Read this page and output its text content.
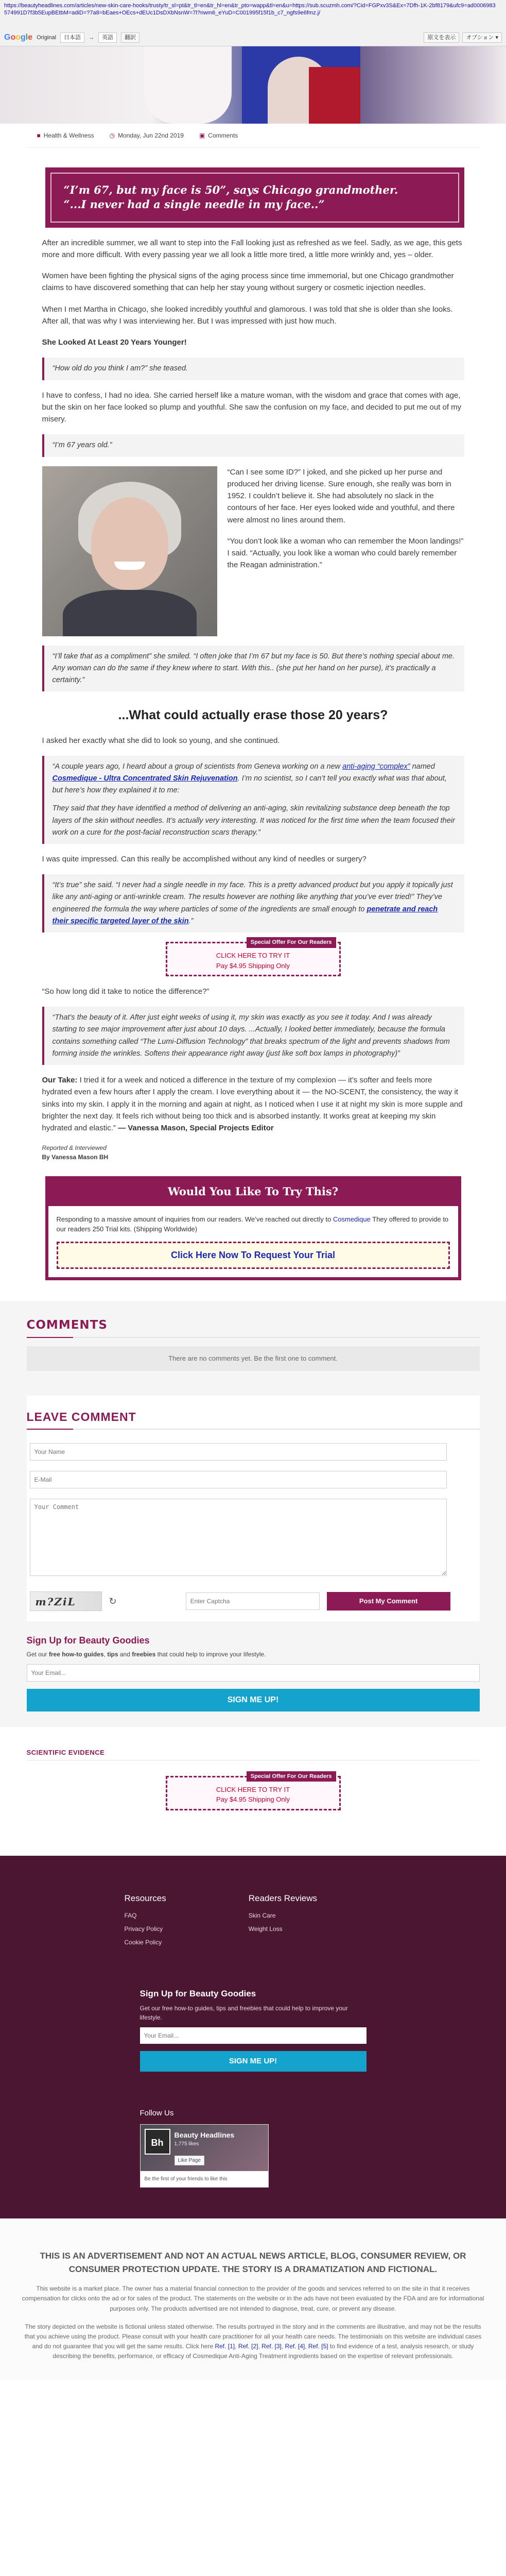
https://beautyheadlines.com/articles/new-skin-care-hooks/trusty/tr_sl=pt&tr_tl=en&tr_hl=en&tr_pto=wapp&tl=en&u=https://sub.scuzmh.com/?Cid=FGPxv3S&Ex=7Dfh-1K-2bf8179&ufc9=ad0006983574991D7f3b5EupBEtbM=adiD=?7a8=bEaes+OEcs+dEUc1DsDXbNsnW=7l?nwm6_eYuD=C001995f15f1b_c7_ngfs9e6fmz.j/
Google Original	日本語	→	英語	翻訳	原文を表示	オプション ▾
■ Health & Wellness	◷ Monday, Jun 22nd 2019	▣ Comments
“I’m 67, but my face is 50”, says Chicago grandmother.
“...I never had a single needle in my face..”

After an incredible summer, we all want to step into the Fall looking just as refreshed as we feel. Sadly, as we age, this gets more and more difficult. With every passing year we all look a little more tired, a little more wrinkly and, yes – older.

Women have been fighting the physical signs of the aging process since time immemorial, but one Chicago grandmother claims to have discovered something that can help her stay young without surgery or cosmetic injection needles.

When I met Martha in Chicago, she looked incredibly youthful and glamorous. I was told that she is older than she looks. After all, that was why I was interviewing her. But I was impressed with just how much.

She Looked At Least 20 Years Younger!

“How old do you think I am?” she teased.

I have to confess, I had no idea. She carried herself like a mature woman, with the wisdom and grace that comes with age, but the skin on her face looked so plump and youthful. She saw the confusion on my face, and decided to put me out of my misery.

“I’m 67 years old.”

“Can I see some ID?” I joked, and she picked up her purse and produced her driving license. Sure enough, she really was born in 1952. I couldn’t believe it. She had absolutely no slack in the contours of her face. Her eyes looked wide and youthful, and there were almost no lines around them.

“You don’t look like a woman who can remember the Moon landings!” I said. “Actually, you look like a woman who could barely remember the Reagan administration.”

“I’ll take that as a compliment” she smiled. “I often joke that I’m 67 but my face is 50. But there’s nothing special about me. Any woman can do the same if they knew where to start. With this.. (she put her hand on her purse), it’s practically a certainty.”
...What could actually erase those 20 years?

I asked her exactly what she did to look so young, and she continued.

“A couple years ago, I heard about a group of scientists from Geneva working on a new anti-aging “complex” named Cosmedique - Ultra Concentrated Skin Rejuvenation. I’m no scientist, so I can’t tell you exactly what was that about, but here’s how they explained it to me:
They said that they have identified a method of delivering an anti-aging, skin revitalizing substance deep beneath the top layers of the skin without needles. It’s actually very interesting. It was noticed for the first time when the team focused their work on a cure for the post-facial reconstruction scars therapy.”

I was quite impressed. Can this really be accomplished without any kind of needles or surgery?

“It’s true” she said. “I never had a single needle in my face. This is a pretty advanced product but you apply it topically just like any anti-aging or anti-wrinkle cream. The results however are nothing like anything that you’ve ever tried!” They’ve engineered the formula the way where particles of some of the ingredients are small enough to penetrate and reach their specific targeted layer of the skin.”
Special Offer For Our Readers
CLICK HERE TO TRY IT
Pay $4.95 Shipping Only

“So how long did it take to notice the difference?”

“That’s the beauty of it. After just eight weeks of using it, my skin was exactly as you see it today. And I was already starting to see major improvement after just about 10 days. ...Actually, I looked better immediately, because the formula contains something called “The Lumi-Diffusion Technology” that breaks spectrum of the light and prevents shadows from forming inside the wrinkles. Softens their appearance right away (just like soft box lamps in photography)”

Our Take: I tried it for a week and noticed a difference in the texture of my complexion — it’s softer and feels more hydrated even a few hours after I apply the cream. I love everything about it — the NO-SCENT, the consistency, the way it sinks into my skin. I apply it in the morning and again at night, as I noticed when I use it at night my skin is more supple and brighter the next day. It feels rich without being too thick and is absorbed instantly. It works great at keeping my skin hydrated and elastic.” — Vanessa Mason, Special Projects Editor

Reported & Interviewed
By Vanessa Mason BH
Would You Like To Try This?
Responding to a massive amount of inquiries from our readers. We’ve reached out directly to Cosmedique They offered to provide to our readers 250 Trial kits. (Shipping Worldwide)
Click Here Now To Request Your Trial
COMMENTS
There are no comments yet. Be the first one to comment.
LEAVE COMMENT
Your Name E-Mail Your Comment
m?ZiL	↻
Enter Captcha	Post My Comment
Sign Up for Beauty Goodies
Get our free how-to guides, tips and freebies that could help to improve your lifestyle.
Your Email...
SIGN ME UP!
SCIENTIFIC EVIDENCE
Special Offer For Our Readers
CLICK HERE TO TRY IT
Pay $4.95 Shipping Only
Resources
FAQ
Privacy Policy
Cookie Policy
Readers Reviews
Skin Care
Weight Loss
Sign Up for Beauty Goodies
Get our free how-to guides, tips and freebies that could help to improve your lifestyle.
Your Email...
SIGN ME UP!
Follow Us
Bh
Beauty Headlines
1,775 likes
Like Page
Be the first of your friends to like this
THIS IS AN ADVERTISEMENT AND NOT AN ACTUAL NEWS ARTICLE, BLOG, CONSUMER REVIEW, OR CONSUMER PROTECTION UPDATE. THE STORY IS A DRAMATIZATION AND FICTIONAL.
This website is a market place. The owner has a material financial connection to the provider of the goods and services referred to on the site in that it receives compensation for clicks onto the ad or for sales of the product. The statements on the website or in the ads have not been evaluated by the FDA and are for informational purposes only. The products advertised are not intended to diagnose, treat, cure, or prevent any disease.
The story depicted on the website is fictional unless stated otherwise. The results portrayed in the story and in the comments are illustrative, and may not be the results that you achieve using the product. Please consult with your health care practitioner for all your health care needs. The testimonials on this website are individual cases and do not guarantee that you will get the same results. Click here Ref. [1], Ref. [2], Ref. [3], Ref. [4], Ref. [5] to find evidence of a test, analysis research, or study describing the benefits, performance, or efficacy of Cosmedique Anti-Aging Treatment ingredients based on the expertise of relevant professionals.
